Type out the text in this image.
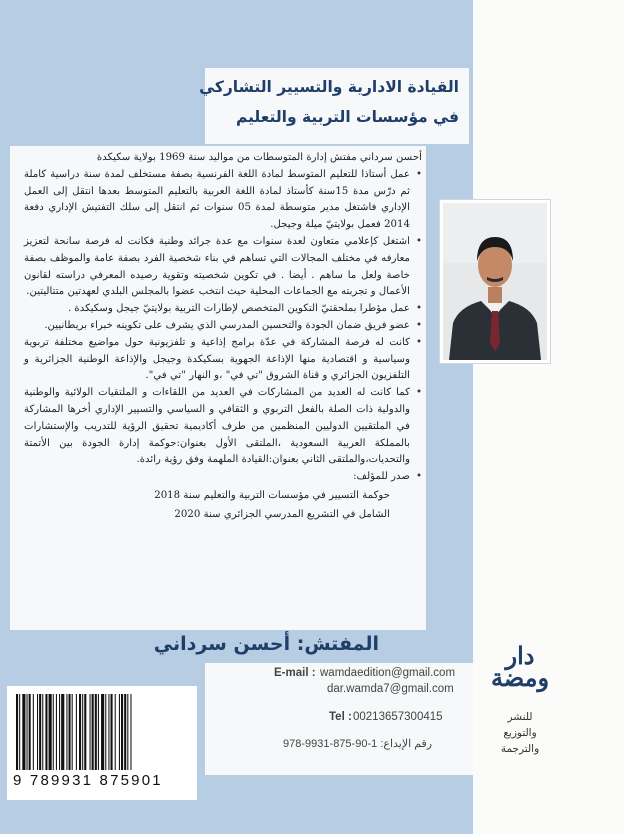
القيادة الادارية والتسيير التشاركي
في مؤسسات التربية والتعليم

أحسن سرداني مفتش إدارة المتوسطات من مواليد سنة 1969 بولاية سكيكدة

• عمل أستاذا للتعليم المتوسط لمادة اللغة الفرنسية بصفة مستخلف لمدة سنة دراسية كاملة ثم درّس مدة 15سنة كأستاذ لمادة اللغة العربية بالتعليم المتوسط بعدها انتقل إلى العمل الإداري فاشتغل مدير متوسطة لمدة 05 سنوات ثم انتقل إلى سلك التفتيش الإداري دفعة 2014 فعمل بولايتيّ ميلة وجيجل.

• اشتغل كإعلامي متعاون لعدة سنوات مع عدة جرائد وطنية فكانت له فرصة سانحة لتعزيز معارفه في مختلف المجالات التي تساهم في بناء شخصية الفرد بصفة عامة والموظف بصفة خاصة ولعل ما ساهم . أيضا . في تكوين شخصيته وتقوية رصيده المعرفي دراسته لقانون الأعمال و تجربته مع الجماعات المحلية حيث انتخب عضوا بالمجلس البلدي لعهدتين متتاليتين.

• عمل مؤطرا بملحقتيّ التكوين المتخصص لإطارات التربية بولايتيّ جيجل وسكيكدة .

• عضو فريق ضمان الجودة والتحسين المدرسي الذي يشرف على تكوينه خبراء بريطانيين.

• كانت له فرصة المشاركة في عدّة برامج إذاعية و تلفزيونية حول مواضيع مختلفة تربوية وسياسية و اقتصادية منها الإذاعة الجهوية بسكيكدة وجيجل والإذاعة الوطنية الجزائرية و التلفزيون الجزائري و قناة الشروق "تي في" ،و النهار "تي في".

• كما كانت له العديد من المشاركات في العديد من اللقاءات و الملتقيات الولائية والوطنية والدولية ذات الصلة بالفعل التربوي و الثقافي و السياسي والتسيير الإداري أخرها المشاركة في الملتقيين الدوليين المنظمين من طرف أكاديمية تحقيق الرؤية للتدريب والإستشارات بالمملكة العربية السعودية ،الملتقى الأول بعنوان:حوكمة إدارة الجودة بين الأتمتة والتحديات،والملتقى الثاني بعنوان:القيادة الملهمة وفق رؤية رائدة.

• صدر للمؤلف:

حوكمة التسيير في مؤسسات التربية والتعليم سنة 2018

الشامل في التشريع المدرسي الجزائري سنة 2020

المفتش: أحسن سرداني
E-mail : wamdaedition@gmail.com
dar.wamda7@gmail.com
Tel : 00213657300415
رقم الإيداع: 1-90-875-9931-978
9 789931 875901
دار ومضة
للنشر
والتوزيع
والترجمة
